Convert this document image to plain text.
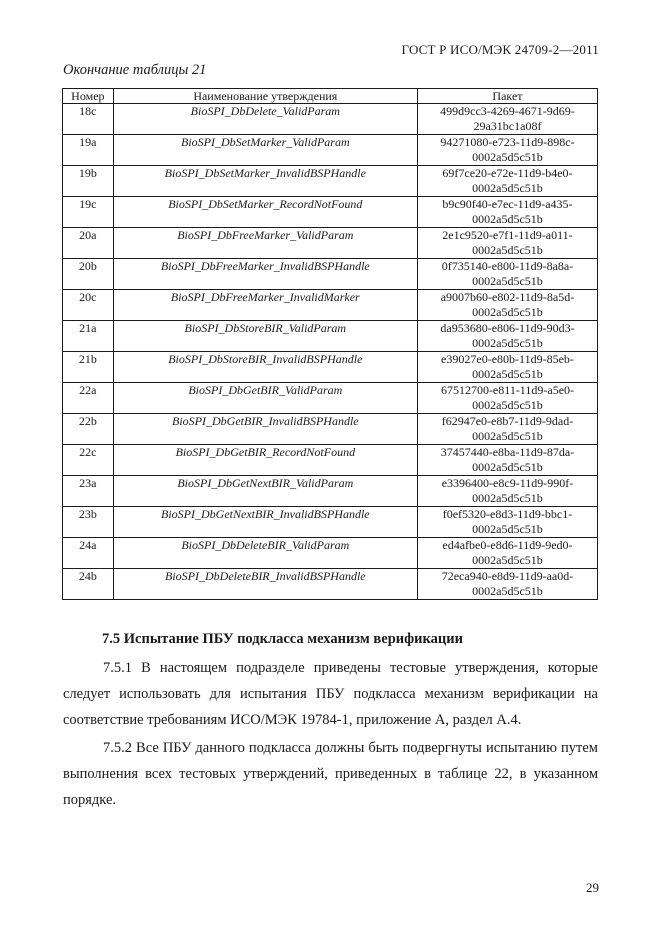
ГОСТ Р ИСО/МЭК 24709-2—2011
Окончание таблицы 21
Номер	Наименование утверждения	Пакет
18с	BioSPI_DbDelete_ValidParam	499d9cc3-4269-4671-9d69-
29a31bc1a08f

19a	BioSPI_DbSetMarker_ValidParam	94271080-e723-11d9-898c-
0002a5d5c51b

19b	BioSPI_DbSetMarker_InvalidBSPHandle	69f7ce20-e72e-11d9-b4e0-
0002a5d5c51b

19c	BioSPI_DbSetMarker_RecordNotFound	b9c90f40-e7ec-11d9-a435-
0002a5d5c51b

20a	BioSPI_DbFreeMarker_ValidParam	2e1c9520-e7f1-11d9-a011-
0002a5d5c51b

20b	BioSPI_DbFreeMarker_InvalidBSPHandle	0f735140-e800-11d9-8a8a-
0002a5d5c51b

20c	BioSPI_DbFreeMarker_InvalidMarker	a9007b60-e802-11d9-8a5d-
0002a5d5c51b

21a	BioSPI_DbStoreBIR_ValidParam	da953680-e806-11d9-90d3-
0002a5d5c51b

21b	BioSPI_DbStoreBIR_InvalidBSPHandle	e39027e0-e80b-11d9-85eb-
0002a5d5c51b

22a	BioSPI_DbGetBIR_ValidParam	67512700-e811-11d9-a5e0-
0002a5d5c51b

22b	BioSPI_DbGetBIR_InvalidBSPHandle	f62947e0-e8b7-11d9-9dad-
0002a5d5c51b

22c	BioSPI_DbGetBIR_RecordNotFound	37457440-e8ba-11d9-87da-
0002a5d5c51b

23a	BioSPI_DbGetNextBIR_ValidParam	e3396400-e8c9-11d9-990f-
0002a5d5c51b

23b	BioSPI_DbGetNextBIR_InvalidBSPHandle	f0ef5320-e8d3-11d9-bbc1-
0002a5d5c51b

24a	BioSPI_DbDeleteBIR_ValidParam	ed4afbe0-e8d6-11d9-9ed0-
0002a5d5c51b

24b	BioSPI_DbDeleteBIR_InvalidBSPHandle	72eca940-e8d9-11d9-aa0d-
0002a5d5c51b
7.5 Испытание ПБУ подкласса механизм верификации
7.5.1 В настоящем подразделе приведены тестовые утверждения, которые следует использовать для испытания ПБУ подкласса механизм верификации на соответствие требованиям ИСО/МЭК 19784-1, приложение А, раздел А.4.
7.5.2 Все ПБУ данного подкласса должны быть подвергнуты испытанию путем выполнения всех тестовых утверждений, приведенных в таблице 22, в указанном порядке.
29
